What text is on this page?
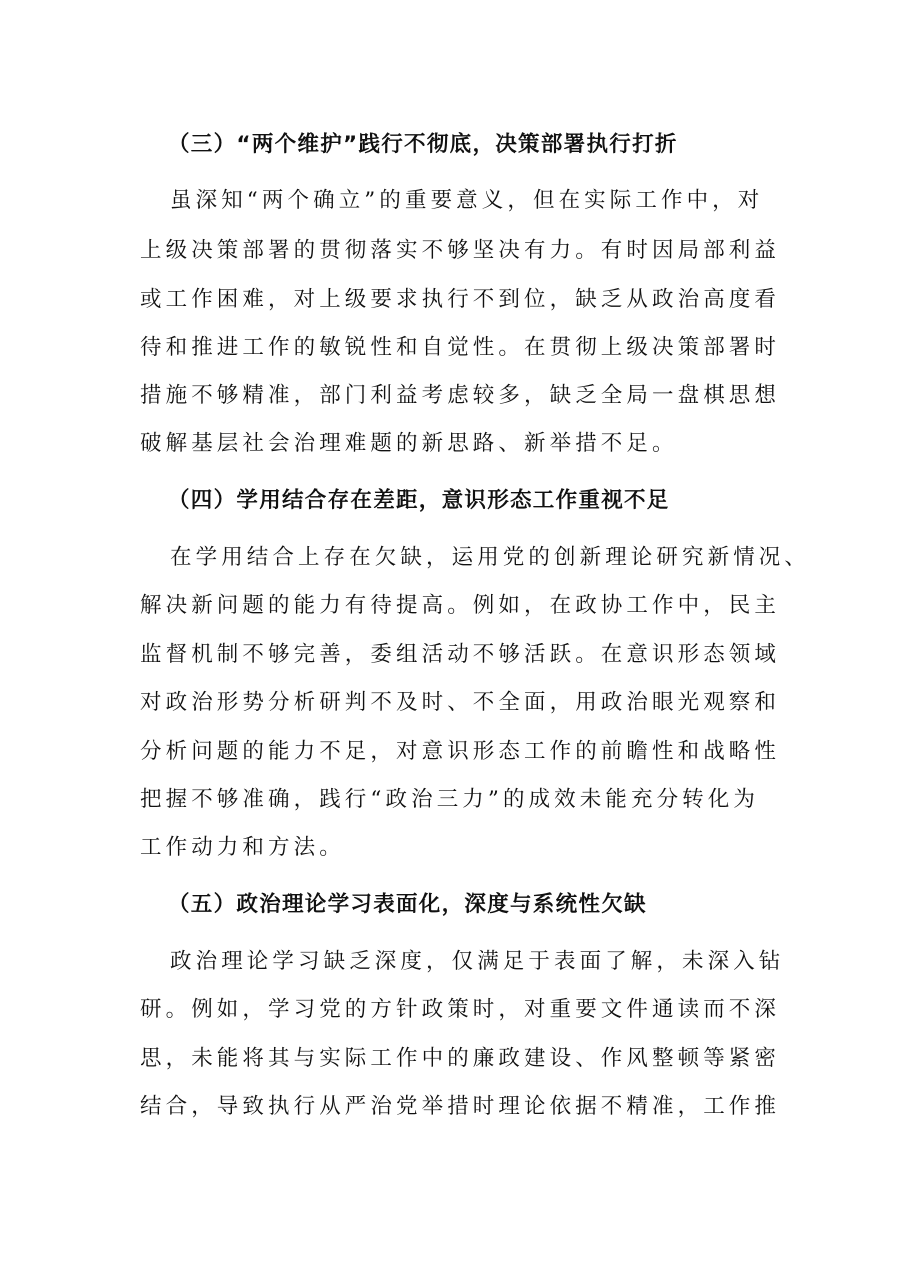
（三）“两个维护”践行不彻底，决策部署执行打折
虽深知“两个确立”的重要意义，但在实际工作中，对
上级决策部署的贯彻落实不够坚决有力。有时因局部利益
或工作困难，对上级要求执行不到位，缺乏从政治高度看
待和推进工作的敏锐性和自觉性。在贯彻上级决策部署时
措施不够精准，部门利益考虑较多，缺乏全局一盘棋思想
破解基层社会治理难题的新思路、新举措不足。
（四）学用结合存在差距，意识形态工作重视不足
在学用结合上存在欠缺，运用党的创新理论研究新情况、
解决新问题的能力有待提高。例如，在政协工作中，民主
监督机制不够完善，委组活动不够活跃。在意识形态领域
对政治形势分析研判不及时、不全面，用政治眼光观察和
分析问题的能力不足，对意识形态工作的前瞻性和战略性
把握不够准确，践行“政治三力”的成效未能充分转化为
工作动力和方法。
（五）政治理论学习表面化，深度与系统性欠缺
政治理论学习缺乏深度，仅满足于表面了解，未深入钻
研。例如，学习党的方针政策时，对重要文件通读而不深
思，未能将其与实际工作中的廉政建设、作风整顿等紧密
结合，导致执行从严治党举措时理论依据不精准，工作推
